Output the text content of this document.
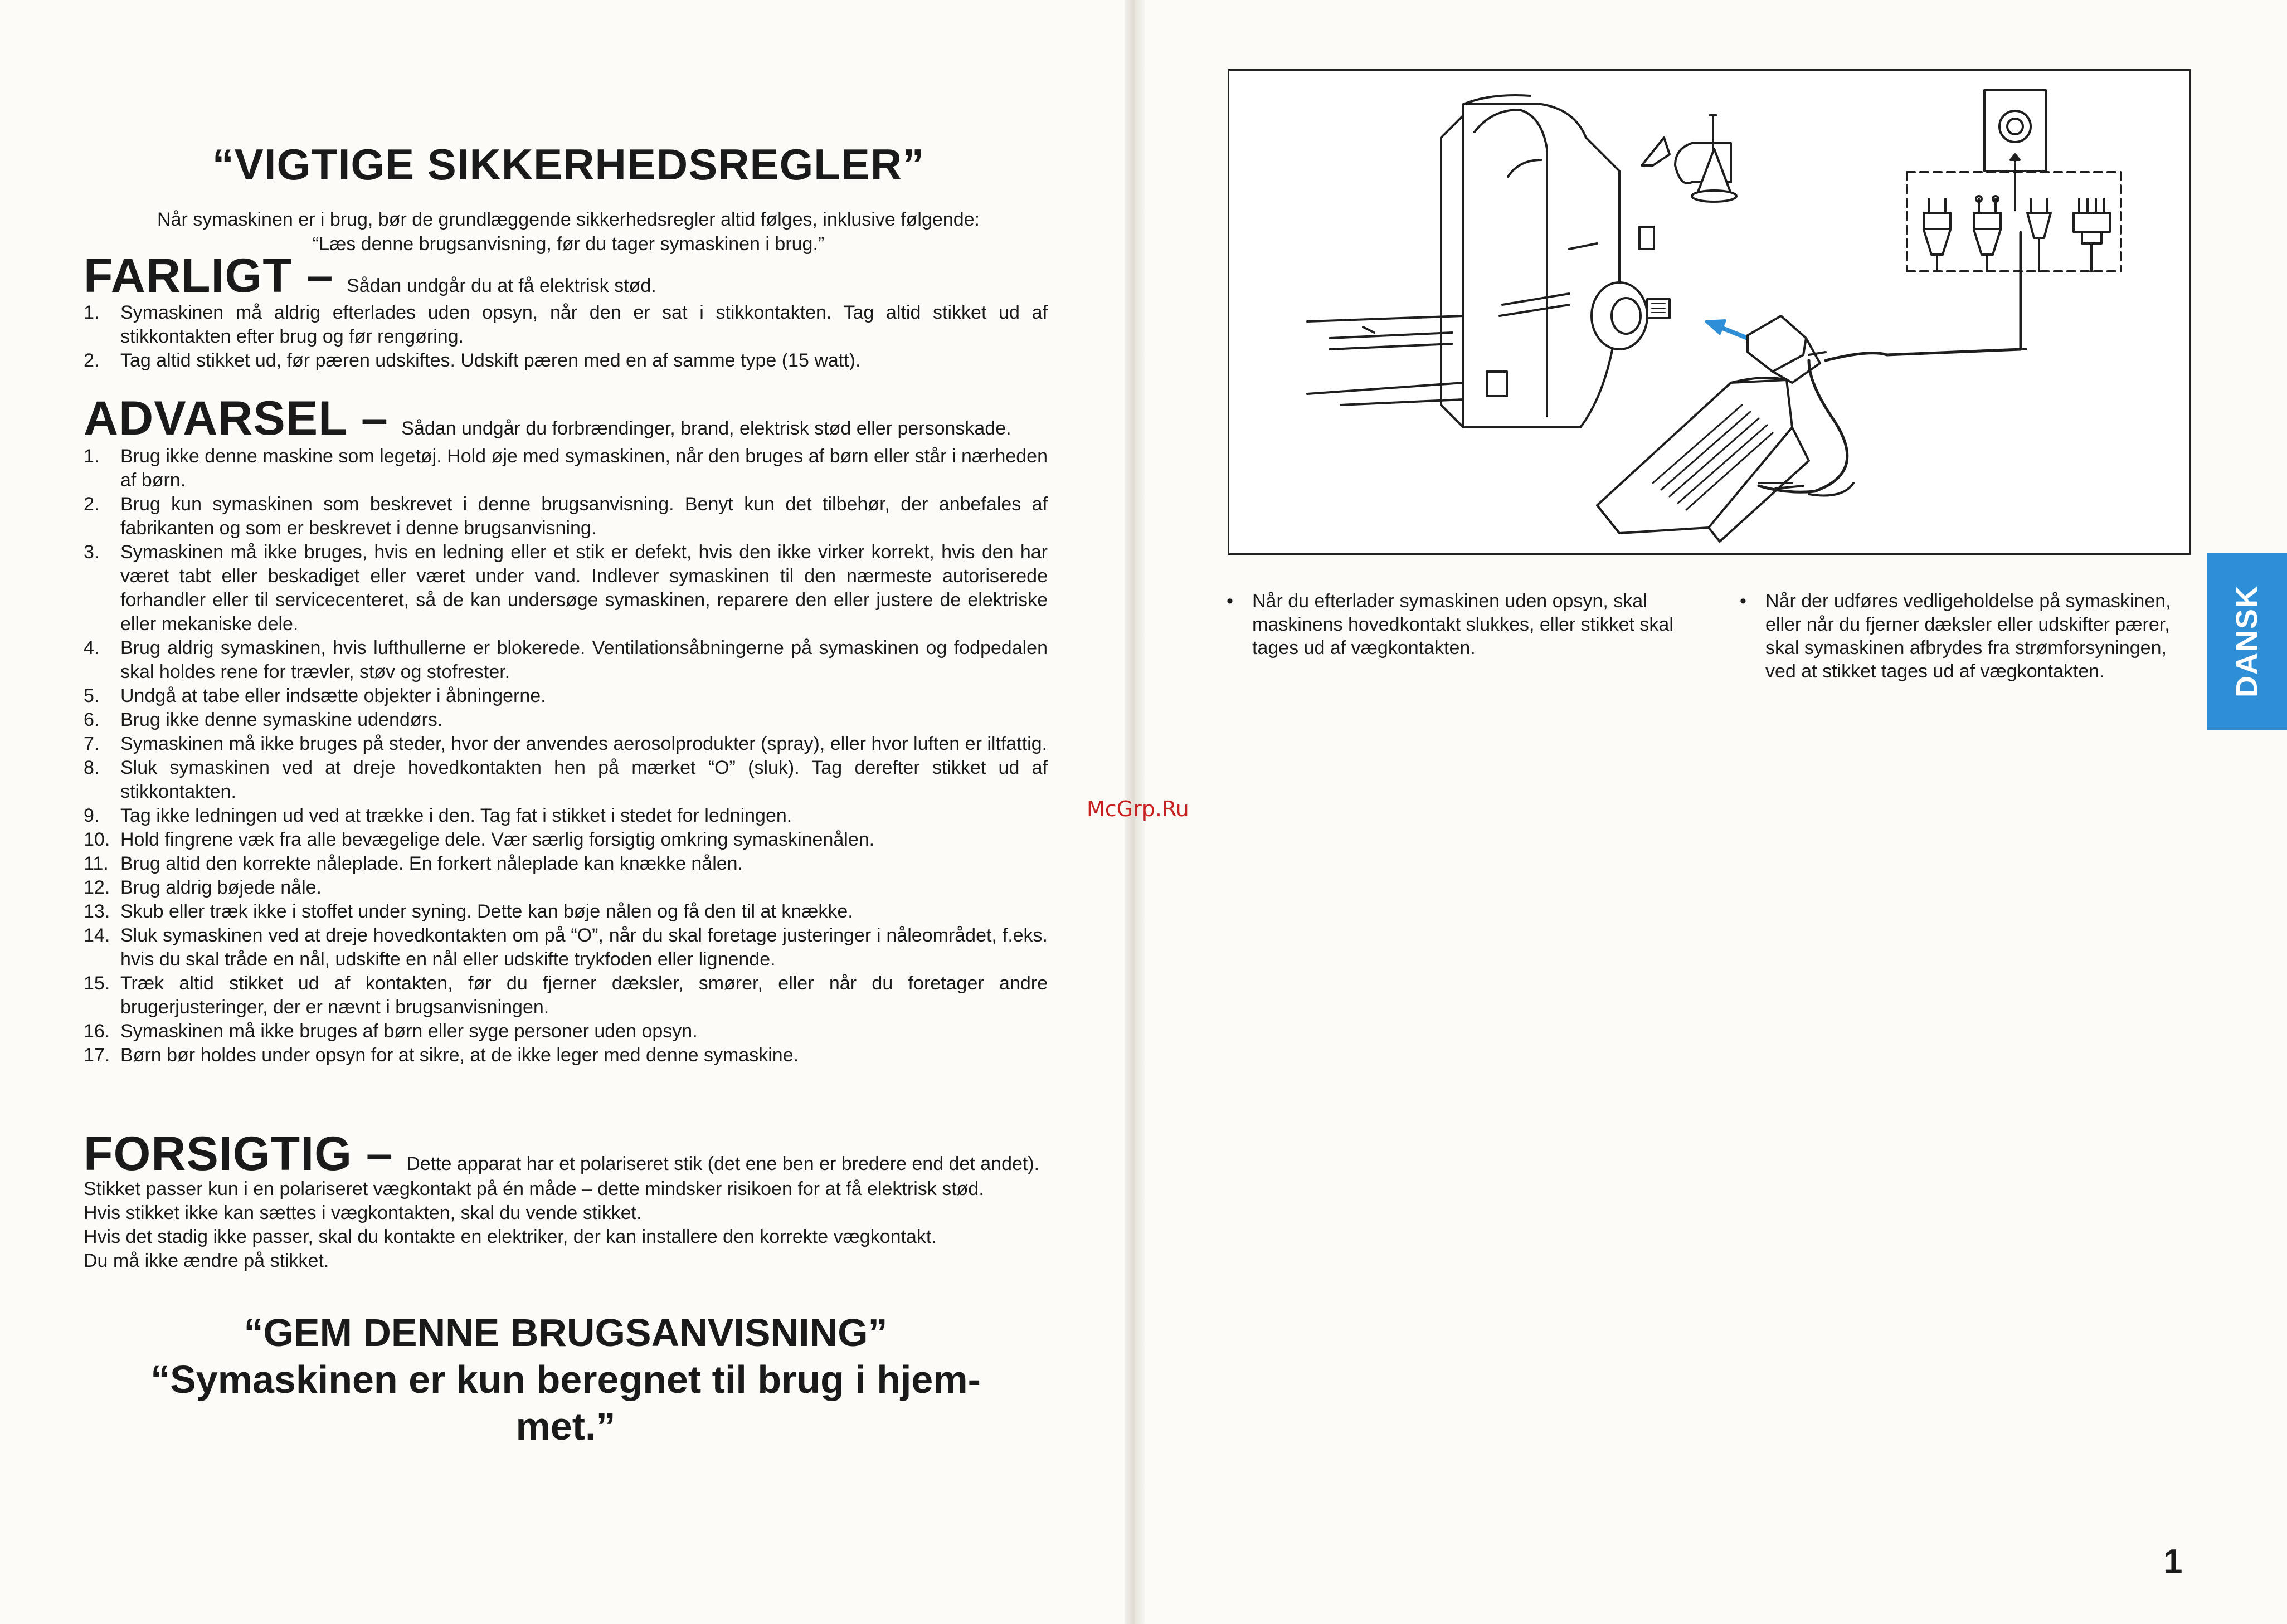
“VIGTIGE SIKKERHEDSREGLER”
Når symaskinen er i brug, bør de grundlæggende sikkerhedsregler altid følges, inklusive følgende:
“Læs denne brugsanvisning, før du tager symaskinen i brug.”
FARLIGT – Sådan undgår du at få elektrisk stød.
1.	Symaskinen må aldrig efterlades uden opsyn, når den er sat i stikkontakten. Tag altid stikket ud af stikkontakten efter brug og før rengøring.
2.	Tag altid stikket ud, før pæren udskiftes. Udskift pæren med en af samme type (15 watt).
ADVARSEL – Sådan undgår du forbrændinger, brand, elektrisk stød eller personskade.
1.	Brug ikke denne maskine som legetøj. Hold øje med symaskinen, når den bruges af børn eller står i nærheden af børn.
2.	Brug kun symaskinen som beskrevet i denne brugsanvisning. Benyt kun det tilbehør, der anbefales af fabrikanten og som er beskrevet i denne brugsanvisning.
3.	Symaskinen må ikke bruges, hvis en ledning eller et stik er defekt, hvis den ikke virker korrekt, hvis den har været tabt eller beskadiget eller været under vand. Indlever symaskinen til den nærmeste autoriserede forhandler eller til servicecenteret, så de kan undersøge symaskinen, reparere den eller justere de elektriske eller mekaniske dele.
4.	Brug aldrig symaskinen, hvis lufthullerne er blokerede. Ventilationsåbningerne på symaskinen og fodpedalen skal holdes rene for trævler, støv og stofrester.
5.	Undgå at tabe eller indsætte objekter i åbningerne.
6.	Brug ikke denne symaskine udendørs.
7.	Symaskinen må ikke bruges på steder, hvor der anvendes aerosolprodukter (spray), eller hvor luften er iltfattig.
8.	Sluk symaskinen ved at dreje hovedkontakten hen på mærket “O” (sluk). Tag derefter stikket ud af stikkontakten.
9.	Tag ikke ledningen ud ved at trække i den. Tag fat i stikket i stedet for ledningen.
10. Hold fingrene væk fra alle bevægelige dele. Vær særlig forsigtig omkring symaskinenålen.
11. Brug altid den korrekte nåleplade. En forkert nåleplade kan knække nålen.
12. Brug aldrig bøjede nåle.
13. Skub eller træk ikke i stoffet under syning. Dette kan bøje nålen og få den til at knække.
14. Sluk symaskinen ved at dreje hovedkontakten om på “O”, når du skal foretage justeringer i nåleområdet, f.eks. hvis du skal tråde en nål, udskifte en nål eller udskifte trykfoden eller lignende.
15. Træk altid stikket ud af kontakten, før du fjerner dæksler, smører, eller når du foretager andre brugerjusteringer, der er nævnt i brugsanvisningen.
16. Symaskinen må ikke bruges af børn eller syge personer uden opsyn.
17. Børn bør holdes under opsyn for at sikre, at de ikke leger med denne symaskine.
FORSIGTIG – Dette apparat har et polariseret stik (det ene ben er bredere end det andet).
Stikket passer kun i en polariseret vægkontakt på én måde – dette mindsker risikoen for at få elektrisk stød.
Hvis stikket ikke kan sættes i vægkontakten, skal du vende stikket.
Hvis det stadig ikke passer, skal du kontakte en elektriker, der kan installere den korrekte vægkontakt.
Du må ikke ændre på stikket.
“GEM DENNE BRUGSANVISNING”
“Symaskinen er kun beregnet til brug i hjem-
met.”
McGrp.Ru
• Når du efterlader symaskinen uden opsyn, skal maskinens hovedkontakt slukkes, eller stikket skal tages ud af vægkontakten.
• Når der udføres vedligeholdelse på symaskinen, eller når du fjerner dæksler eller udskifter pærer, skal symaskinen afbrydes fra strømforsyningen, ved at stikket tages ud af vægkontakten.	DANSK
1
